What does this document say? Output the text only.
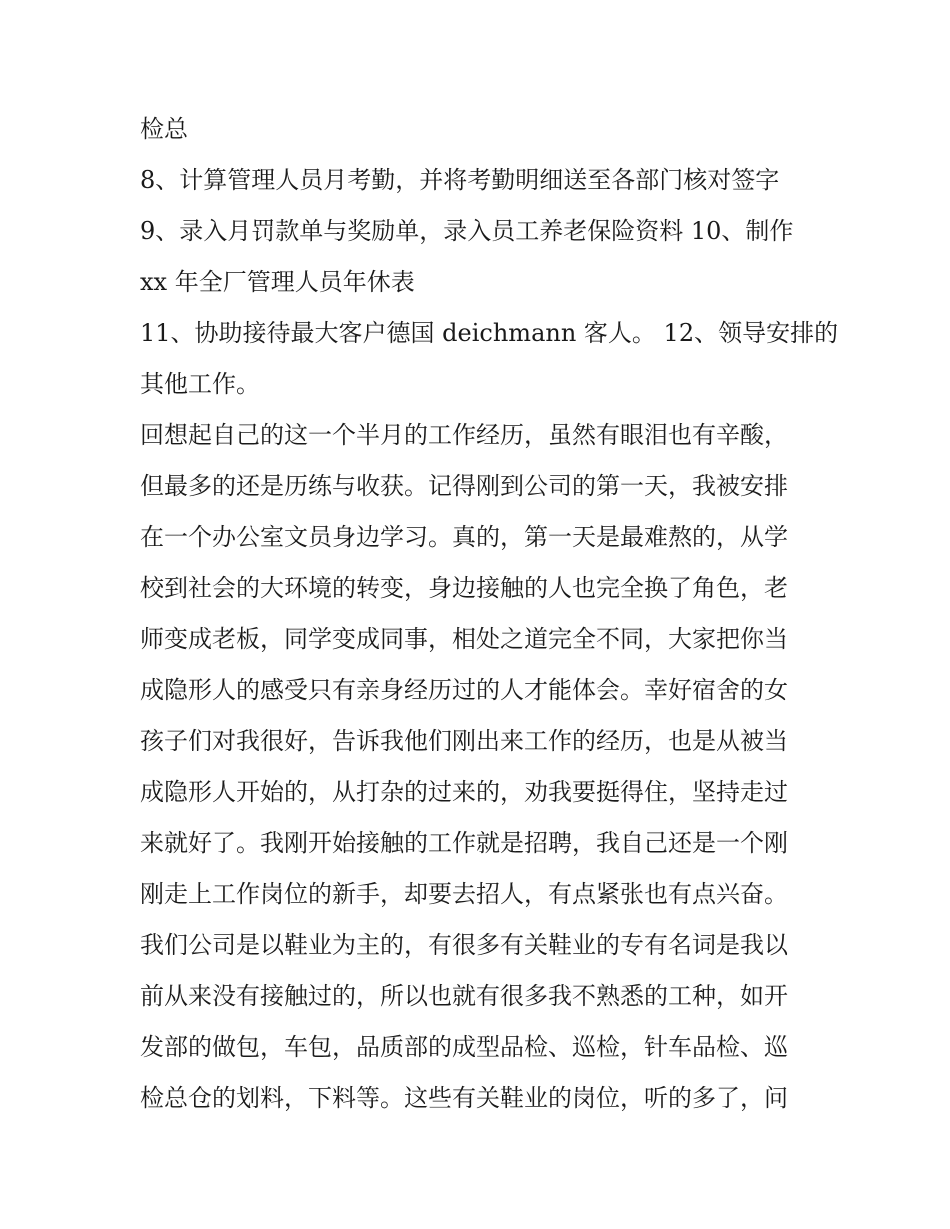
检总
8、计算管理人员月考勤，并将考勤明细送至各部门核对签字
9、录入月罚款单与奖励单，录入员工养老保险资料 10、制作
xx 年全厂管理人员年休表
11、协助接待最大客户德国 deichmann 客人。 12、领导安排的
其他工作。
回想起自己的这一个半月的工作经历，虽然有眼泪也有辛酸，
但最多的还是历练与收获。记得刚到公司的第一天，我被安排
在一个办公室文员身边学习。真的，第一天是最难熬的，从学
校到社会的大环境的转变，身边接触的人也完全换了角色，老
师变成老板，同学变成同事，相处之道完全不同，大家把你当
成隐形人的感受只有亲身经历过的人才能体会。幸好宿舍的女
孩子们对我很好，告诉我他们刚出来工作的经历，也是从被当
成隐形人开始的，从打杂的过来的，劝我要挺得住，坚持走过
来就好了。我刚开始接触的工作就是招聘，我自己还是一个刚
刚走上工作岗位的新手，却要去招人，有点紧张也有点兴奋。
我们公司是以鞋业为主的，有很多有关鞋业的专有名词是我以
前从来没有接触过的，所以也就有很多我不熟悉的工种，如开
发部的做包，车包，品质部的成型品检、巡检，针车品检、巡
检总仓的划料，下料等。这些有关鞋业的岗位，听的多了，问
